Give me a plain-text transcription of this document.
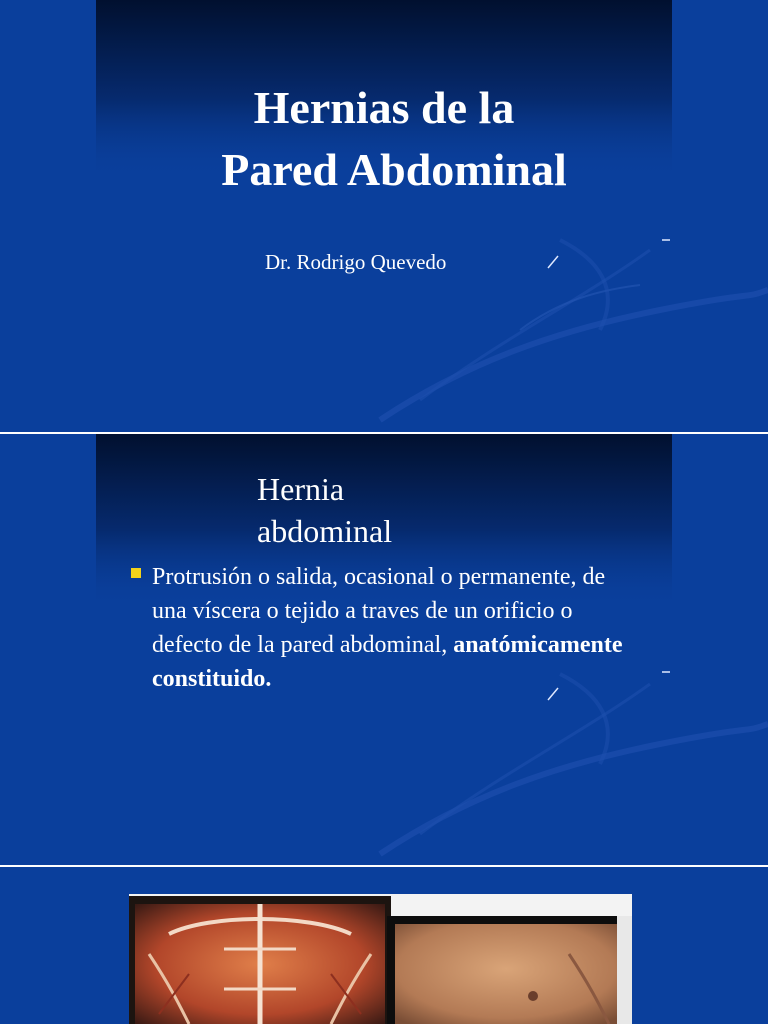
Hernias de la
Pared Abdominal
Dr. Rodrigo Quevedo
Hernia
abdominal
Protrusión o salida, ocasional o permanente, de una víscera o tejido a traves de un orificio o defecto de la pared abdominal, anatómicamente constituido.
